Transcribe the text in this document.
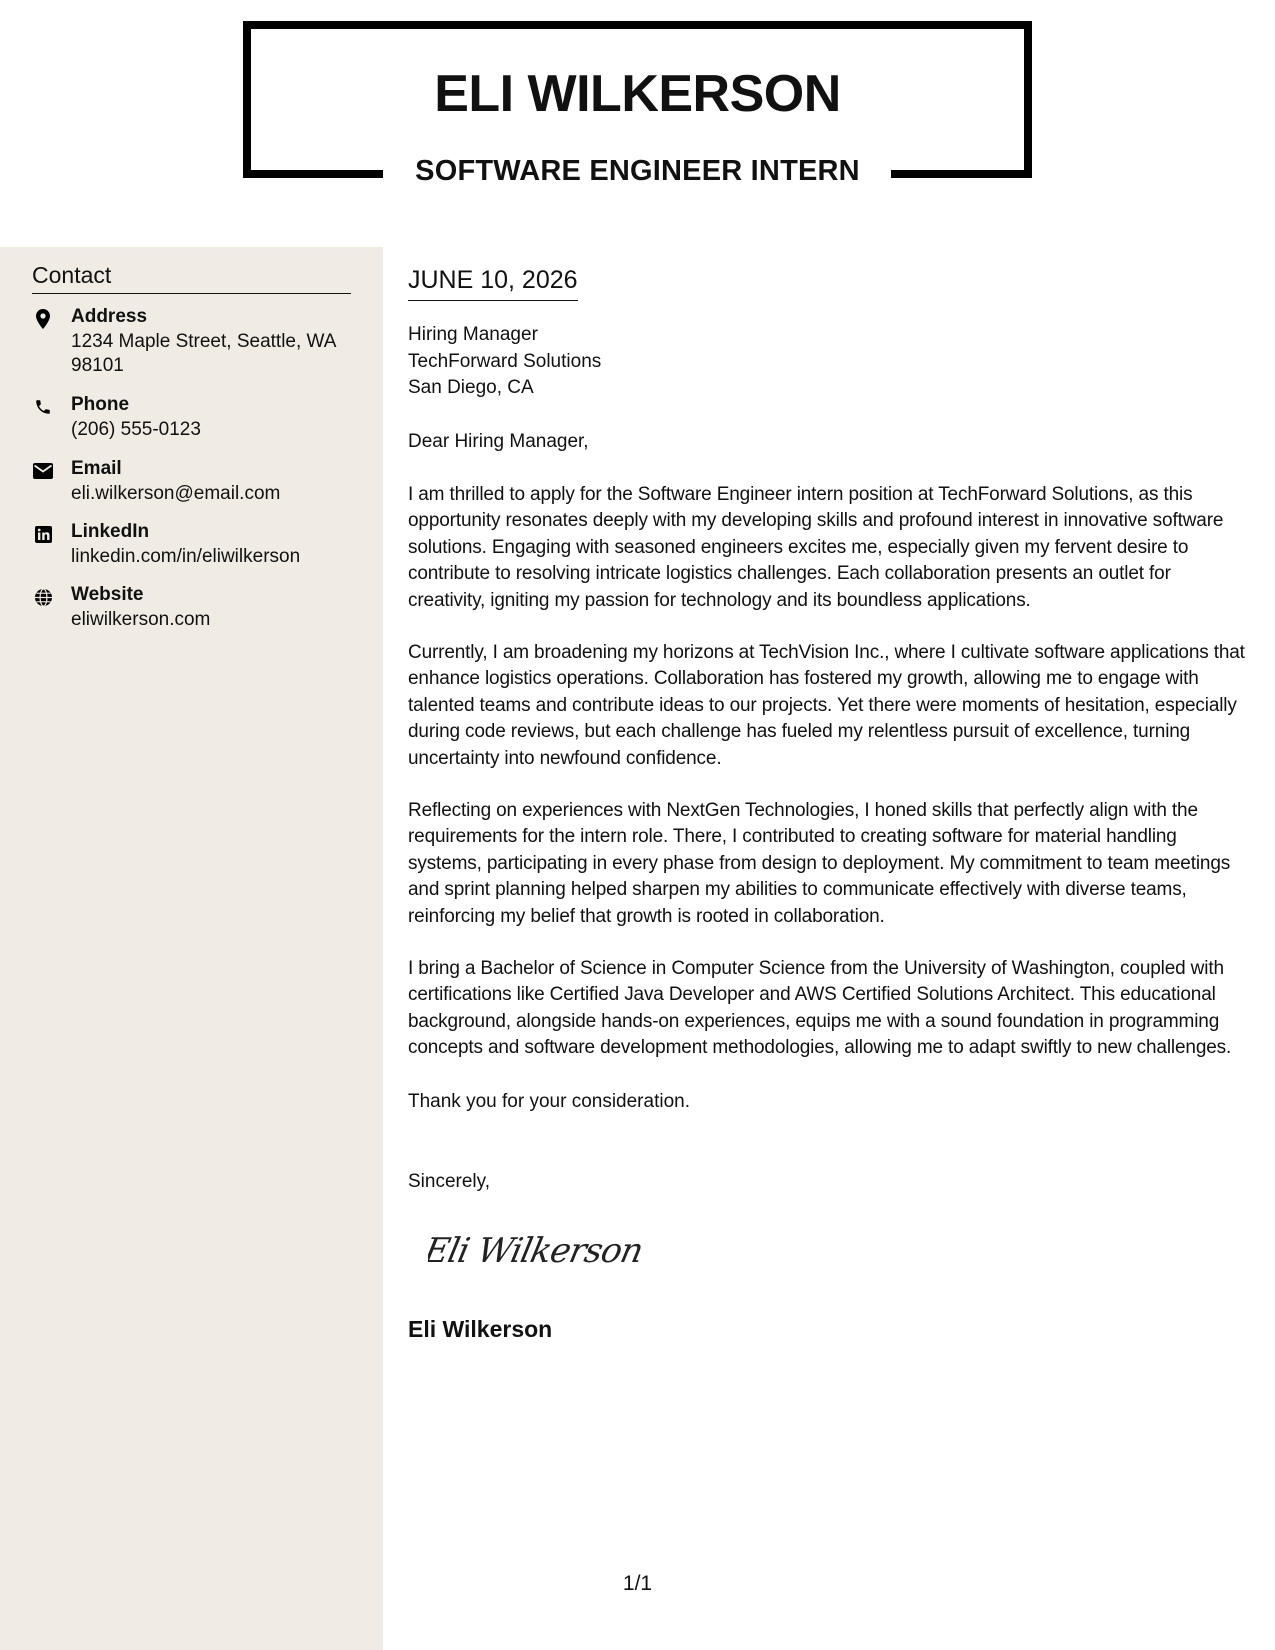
ELI WILKERSON
SOFTWARE ENGINEER INTERN
Contact
Address
1234 Maple Street, Seattle, WA 98101
Phone
(206) 555-0123
Email
eli.wilkerson@email.com
LinkedIn
linkedin.com/in/eliwilkerson
Website
eliwilkerson.com
JUNE 10, 2026
Hiring Manager
TechForward Solutions
San Diego, CA
Dear Hiring Manager,

I am thrilled to apply for the Software Engineer intern position at TechForward Solutions, as this opportunity resonates deeply with my developing skills and profound interest in innovative software solutions. Engaging with seasoned engineers excites me, especially given my fervent desire to contribute to resolving intricate logistics challenges. Each collaboration presents an outlet for creativity, igniting my passion for technology and its boundless applications.

Currently, I am broadening my horizons at TechVision Inc., where I cultivate software applications that enhance logistics operations. Collaboration has fostered my growth, allowing me to engage with talented teams and contribute ideas to our projects. Yet there were moments of hesitation, especially during code reviews, but each challenge has fueled my relentless pursuit of excellence, turning uncertainty into newfound confidence.

Reflecting on experiences with NextGen Technologies, I honed skills that perfectly align with the requirements for the intern role. There, I contributed to creating software for material handling systems, participating in every phase from design to deployment. My commitment to team meetings and sprint planning helped sharpen my abilities to communicate effectively with diverse teams, reinforcing my belief that growth is rooted in collaboration.

I bring a Bachelor of Science in Computer Science from the University of Washington, coupled with certifications like Certified Java Developer and AWS Certified Solutions Architect. This educational background, alongside hands-on experiences, equips me with a sound foundation in programming concepts and software development methodologies, allowing me to adapt swiftly to new challenges.

Thank you for your consideration.
Sincerely,
Eli Wilkerson
Eli Wilkerson
1/1
